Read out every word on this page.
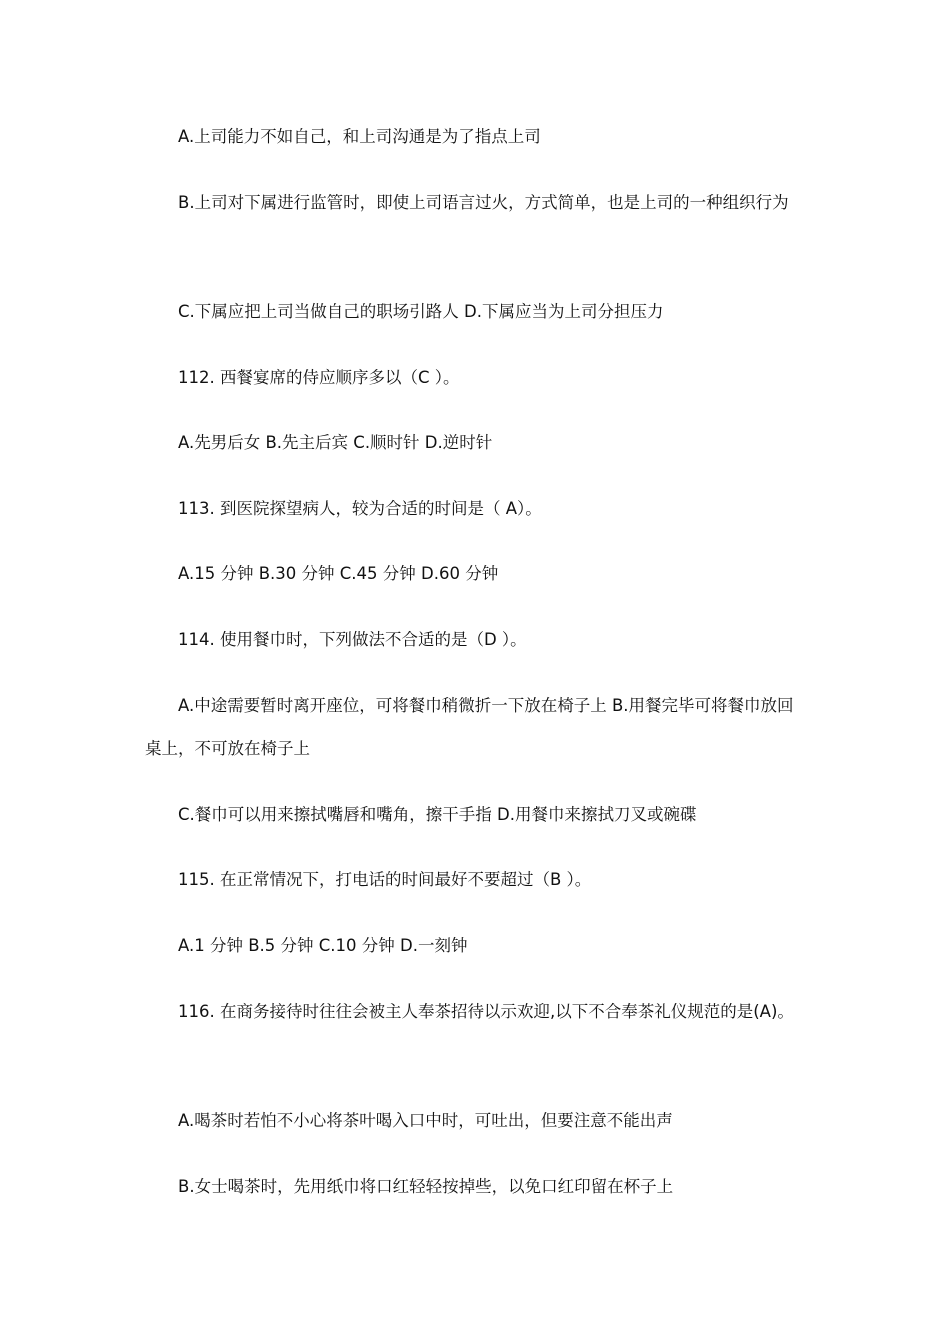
A.上司能力不如自己，和上司沟通是为了指点上司

B.上司对下属进行监管时，即使上司语言过火，方式简单，也是上司的一种组织行为

C.下属应把上司当做自己的职场引路人 D.下属应当为上司分担压力

112. 西餐宴席的侍应顺序多以（C ）。

A.先男后女 B.先主后宾 C.顺时针 D.逆时针

113. 到医院探望病人，较为合适的时间是（ A）。

A.15 分钟 B.30 分钟 C.45 分钟 D.60 分钟

114. 使用餐巾时，下列做法不合适的是（D ）。

A.中途需要暂时离开座位，可将餐巾稍微折一下放在椅子上 B.用餐完毕可将餐巾放回桌上，不可放在椅子上

C.餐巾可以用来擦拭嘴唇和嘴角，擦干手指 D.用餐巾来擦拭刀叉或碗碟

115. 在正常情况下，打电话的时间最好不要超过（B ）。

A.1 分钟 B.5 分钟 C.10 分钟 D.一刻钟

116. 在商务接待时往往会被主人奉茶招待以示欢迎,以下不合奉茶礼仪规范的是(A)。

A.喝茶时若怕不小心将茶叶喝入口中时，可吐出，但要注意不能出声

B.女士喝茶时，先用纸巾将口红轻轻按掉些，以免口红印留在杯子上
